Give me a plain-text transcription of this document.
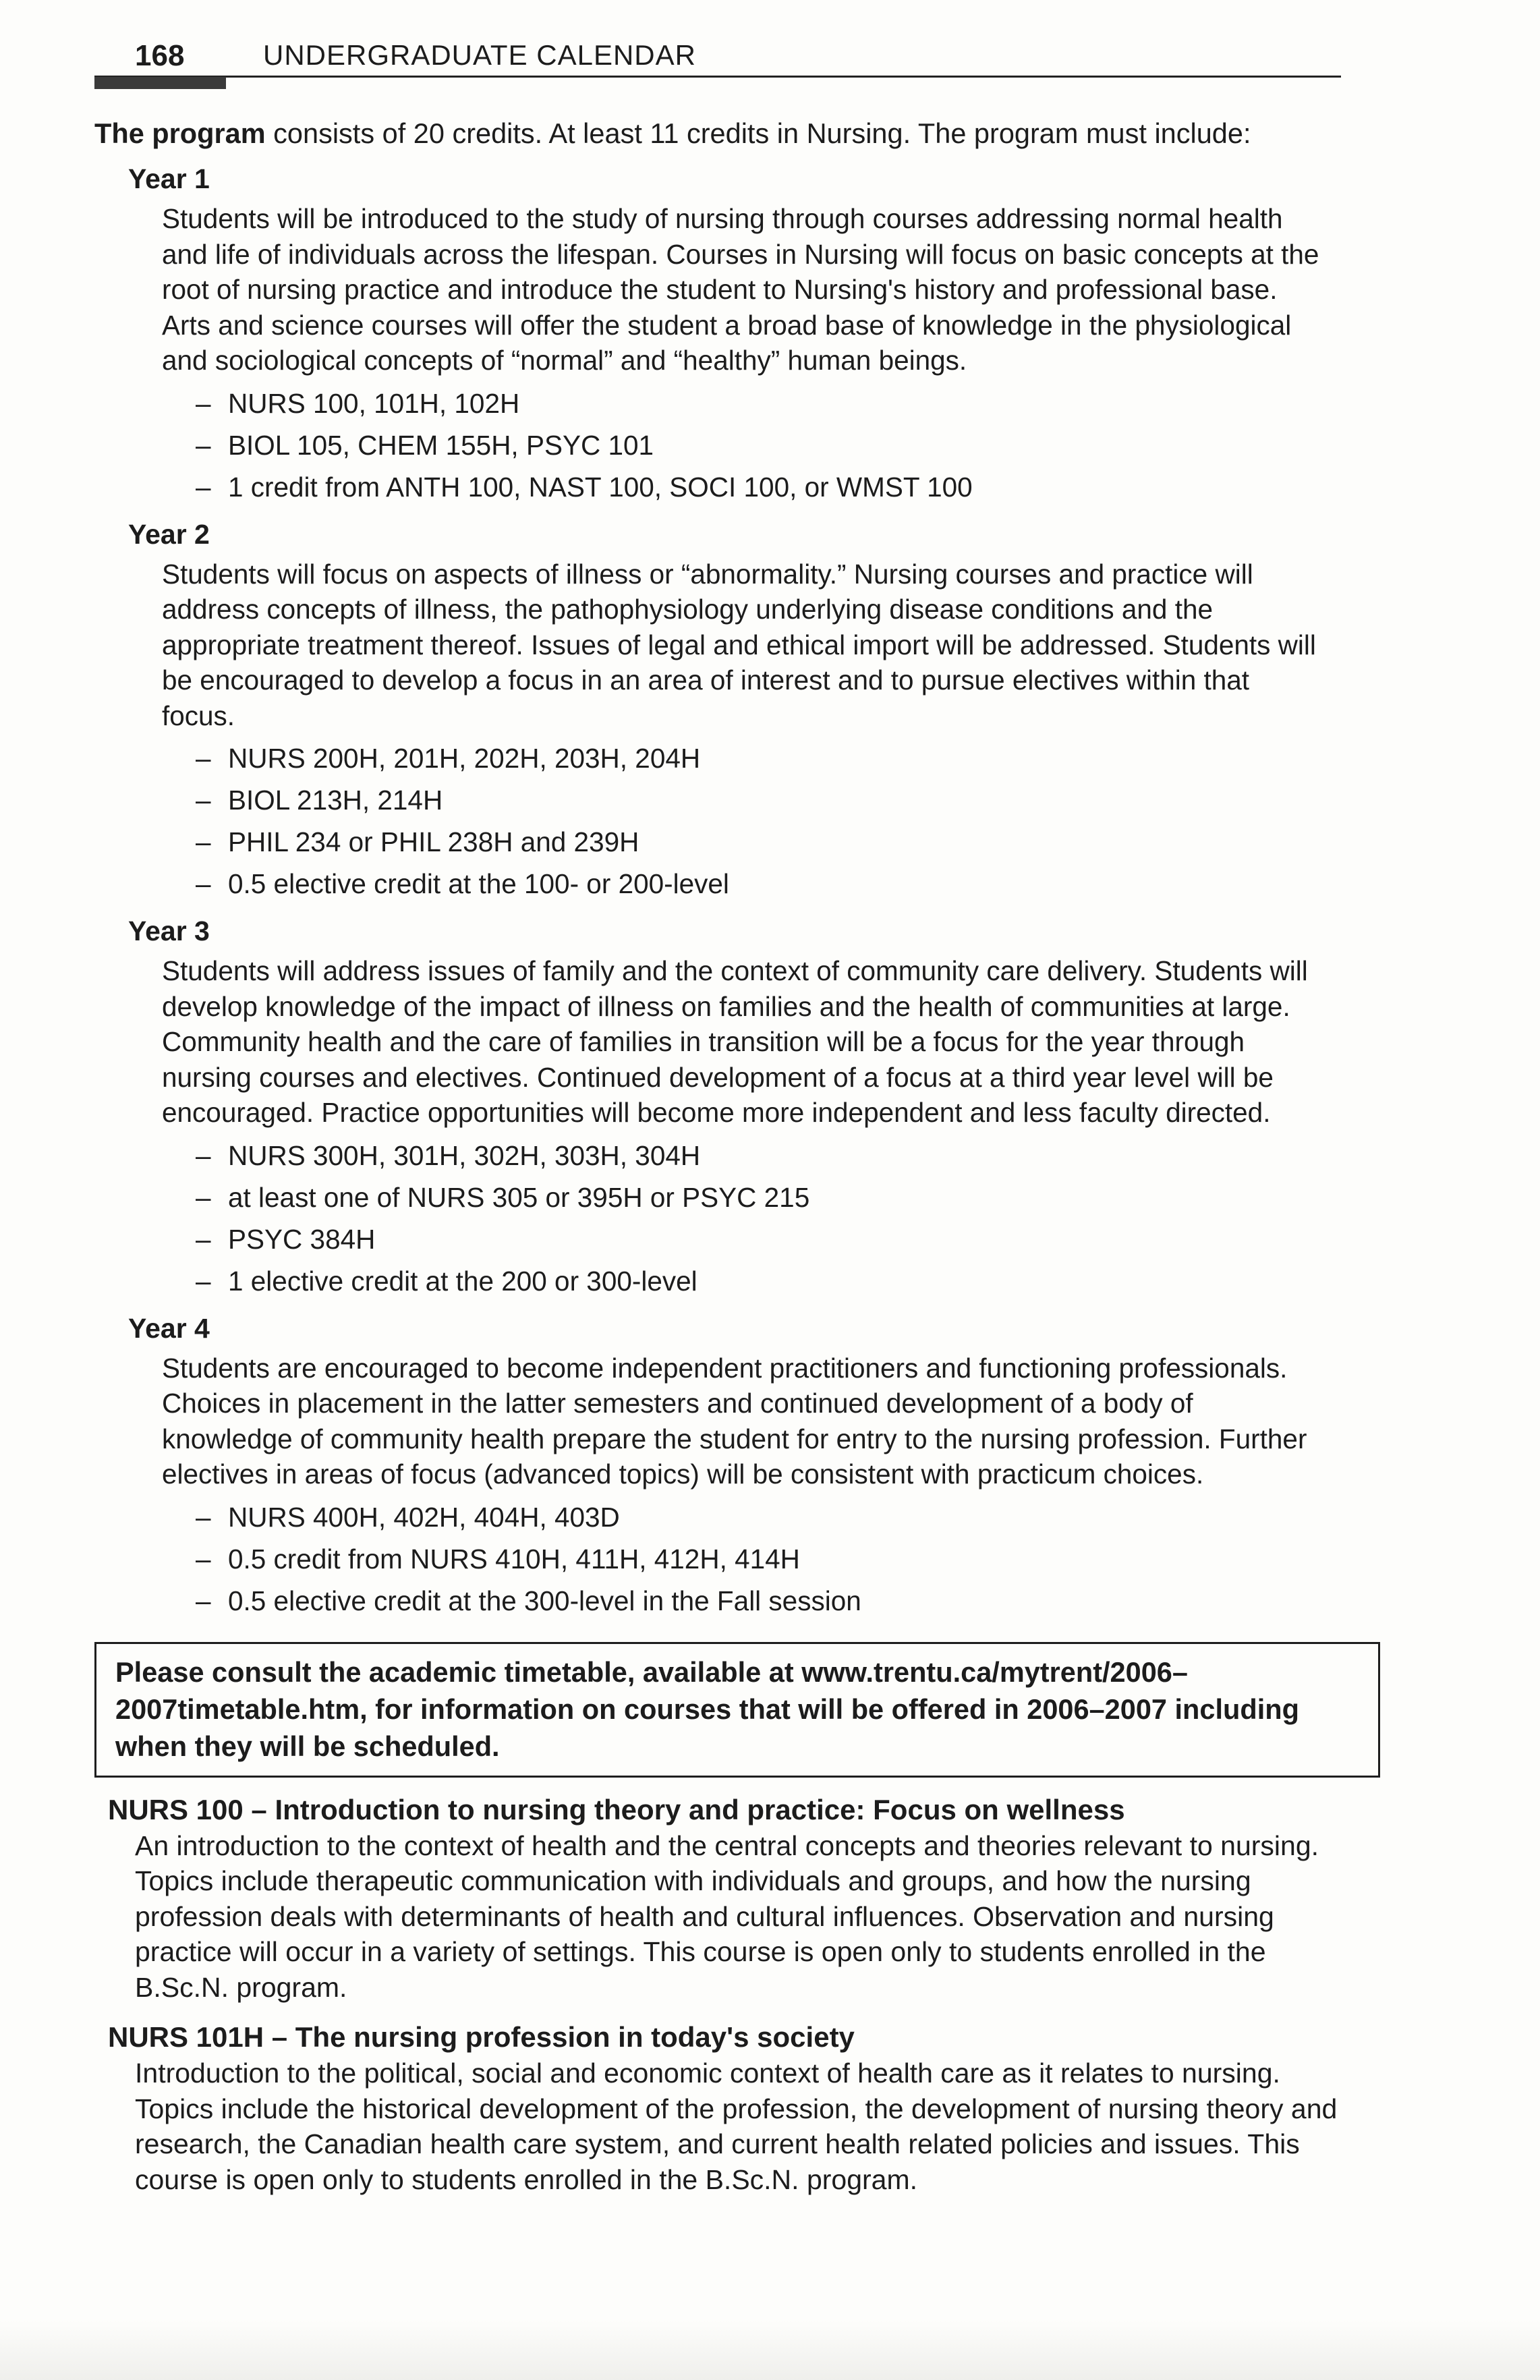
168	UNDERGRADUATE CALENDAR

The program consists of 20 credits. At least 11 credits in Nursing. The program must include:

Year 1
Students will be introduced to the study of nursing through courses addressing normal health and life of individuals across the lifespan. Courses in Nursing will focus on basic concepts at the root of nursing practice and introduce the student to Nursing's history and professional base. Arts and science courses will offer the student a broad base of knowledge in the physiological and sociological concepts of “normal” and “healthy” human beings.
– NURS 100, 101H, 102H
– BIOL 105, CHEM 155H, PSYC 101
– 1 credit from ANTH 100, NAST 100, SOCI 100, or WMST 100
Year 2
Students will focus on aspects of illness or “abnormality.” Nursing courses and practice will address concepts of illness, the pathophysiology underlying disease conditions and the appropriate treatment thereof. Issues of legal and ethical import will be addressed. Students will be encouraged to develop a focus in an area of interest and to pursue electives within that focus.
– NURS 200H, 201H, 202H, 203H, 204H
– BIOL 213H, 214H
– PHIL 234 or PHIL 238H and 239H
– 0.5 elective credit at the 100- or 200-level
Year 3
Students will address issues of family and the context of community care delivery. Students will develop knowledge of the impact of illness on families and the health of communities at large. Community health and the care of families in transition will be a focus for the year through nursing courses and electives. Continued development of a focus at a third year level will be encouraged. Practice opportunities will become more independent and less faculty directed.
– NURS 300H, 301H, 302H, 303H, 304H
– at least one of NURS 305 or 395H or PSYC 215
– PSYC 384H
– 1 elective credit at the 200 or 300-level
Year 4
Students are encouraged to become independent practitioners and functioning professionals. Choices in placement in the latter semesters and continued development of a body of knowledge of community health prepare the student for entry to the nursing profession. Further electives in areas of focus (advanced topics) will be consistent with practicum choices.
– NURS 400H, 402H, 404H, 403D
– 0.5 credit from NURS 410H, 411H, 412H, 414H
– 0.5 elective credit at the 300-level in the Fall session
Please consult the academic timetable, available at www.trentu.ca/mytrent/2006–2007timetable.htm, for information on courses that will be offered in 2006–2007 including when they will be scheduled.
NURS 100 – Introduction to nursing theory and practice: Focus on wellness
An introduction to the context of health and the central concepts and theories relevant to nursing. Topics include therapeutic communication with individuals and groups, and how the nursing profession deals with determinants of health and cultural influences. Observation and nursing practice will occur in a variety of settings. This course is open only to students enrolled in the B.Sc.N. program.
NURS 101H – The nursing profession in today's society
Introduction to the political, social and economic context of health care as it relates to nursing. Topics include the historical development of the profession, the development of nursing theory and research, the Canadian health care system, and current health related policies and issues. This course is open only to students enrolled in the B.Sc.N. program.
